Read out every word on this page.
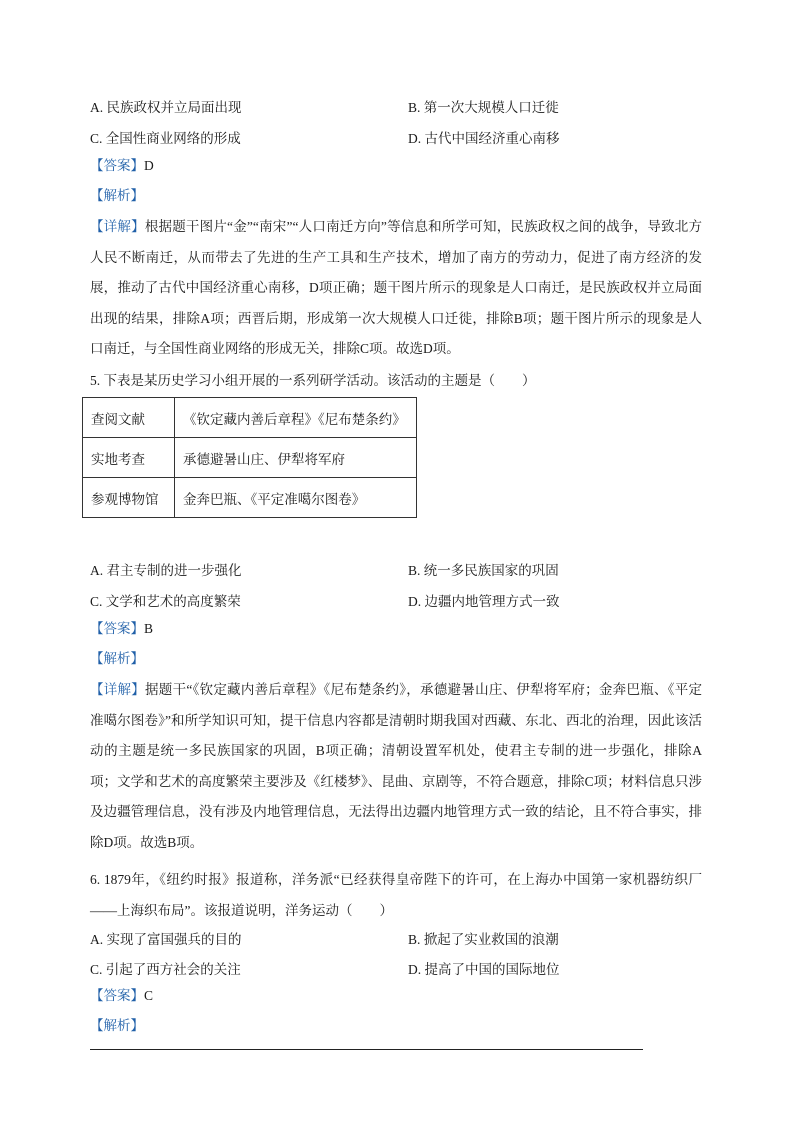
A. 民族政权并立局面出现	B. 第一次大规模人口迁徙
C. 全国性商业网络的形成	D. 古代中国经济重心南移
【答案】D
【解析】
【详解】根据题干图片“金”“南宋”“人口南迁方向”等信息和所学可知，民族政权之间的战争，导致北方人民不断南迁，从而带去了先进的生产工具和生产技术，增加了南方的劳动力，促进了南方经济的发展，推动了古代中国经济重心南移，D项正确；题干图片所示的现象是人口南迁，是民族政权并立局面出现的结果，排除A项；西晋后期，形成第一次大规模人口迁徙，排除B项；题干图片所示的现象是人口南迁，与全国性商业网络的形成无关，排除C项。故选D项。
5. 下表是某历史学习小组开展的一系列研学活动。该活动的主题是（　　）
查阅文献	《钦定藏内善后章程》《尼布楚条约》
实地考查	承德避暑山庄、伊犁将军府
参观博物馆	金奔巴瓶、《平定准噶尔图卷》
A. 君主专制的进一步强化	B. 统一多民族国家的巩固
C. 文学和艺术的高度繁荣	D. 边疆内地管理方式一致
【答案】B
【解析】
【详解】据题干“《钦定藏内善后章程》《尼布楚条约》，承德避暑山庄、伊犁将军府；金奔巴瓶、《平定准噶尔图卷》”和所学知识可知，提干信息内容都是清朝时期我国对西藏、东北、西北的治理，因此该活动的主题是统一多民族国家的巩固，B项正确；清朝设置军机处，使君主专制的进一步强化，排除A项；文学和艺术的高度繁荣主要涉及《红楼梦》、昆曲、京剧等，不符合题意，排除C项；材料信息只涉及边疆管理信息，没有涉及内地管理信息，无法得出边疆内地管理方式一致的结论，且不符合事实，排除D项。故选B项。
6. 1879年，《纽约时报》报道称，洋务派“已经获得皇帝陛下的许可，在上海办中国第一家机器纺织厂——上海织布局”。该报道说明，洋务运动（　　）
A. 实现了富国强兵的目的	B. 掀起了实业救国的浪潮
C. 引起了西方社会的关注	D. 提高了中国的国际地位
【答案】C
【解析】
